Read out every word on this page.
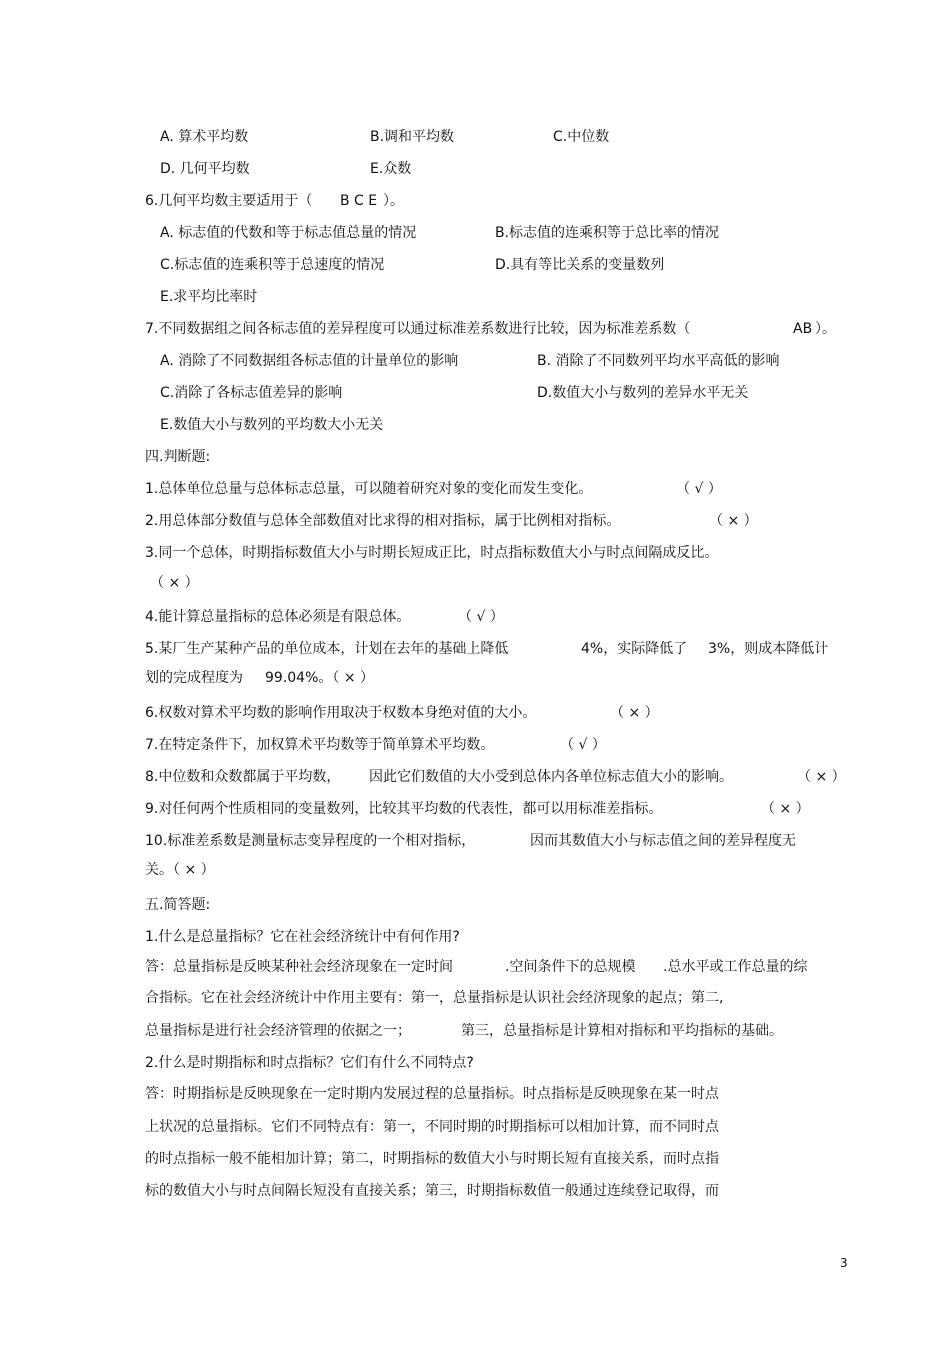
A. 算术平均数	B.调和平均数	C.中位数
D. 几何平均数	E.众数
6.几何平均数主要适用于（ B C E ）。
A. 标志值的代数和等于标志值总量的情况	B.标志值的连乘积等于总比率的情况
C.标志值的连乘积等于总速度的情况	D.具有等比关系的变量数列
E.求平均比率时
7.不同数据组之间各标志值的差异程度可以通过标准差系数进行比较，因为标准差系数（	AB ）。
A. 消除了不同数据组各标志值的计量单位的影响	B. 消除了不同数列平均水平高低的影响
C.消除了各标志值差异的影响	D.数值大小与数列的差异水平无关
E.数值大小与数列的平均数大小无关
四.判断题:
1.总体单位总量与总体标志总量，可以随着研究对象的变化而发生变化。	（ √ ）
2.用总体部分数值与总体全部数值对比求得的相对指标，属于比例相对指标。	（ × ）
3.同一个总体，时期指标数值大小与时期长短成正比，时点指标数值大小与时点间隔成反比。
（ × ）
4.能计算总量指标的总体必须是有限总体。	（ √ ）
5.某厂生产某种产品的单位成本，计划在去年的基础上降低	4%，实际降低了 3%，则成本降低计
划的完成程度为 99.04%。（ × ）
6.权数对算术平均数的影响作用取决于权数本身绝对值的大小。	（ × ）
7.在特定条件下，加权算术平均数等于简单算术平均数。	（ √ ）
8.中位数和众数都属于平均数， 因此它们数值的大小受到总体内各单位标志值大小的影响。	（ × ）
9.对任何两个性质相同的变量数列，比较其平均数的代表性，都可以用标准差指标。	（ × ）
10.标准差系数是测量标志变异程度的一个相对指标，	因而其数值大小与标志值之间的差异程度无
关。（ × ）
五.简答题:
1.什么是总量指标？它在社会经济统计中有何作用?
答：总量指标是反映某种社会经济现象在一定时间	.空间条件下的总规模 .总水平或工作总量的综
合指标。它在社会经济统计中作用主要有：第一，总量指标是认识社会经济现象的起点；第二,
总量指标是进行社会经济管理的依据之一；	第三，总量指标是计算相对指标和平均指标的基础。
2.什么是时期指标和时点指标？它们有什么不同特点?
答：时期指标是反映现象在一定时期内发展过程的总量指标。时点指标是反映现象在某一时点
上状况的总量指标。它们不同特点有：第一，不同时期的时期指标可以相加计算，而不同时点
的时点指标一般不能相加计算；第二，时期指标的数值大小与时期长短有直接关系，而时点指
标的数值大小与时点间隔长短没有直接关系；第三，时期指标数值一般通过连续登记取得，而
3
